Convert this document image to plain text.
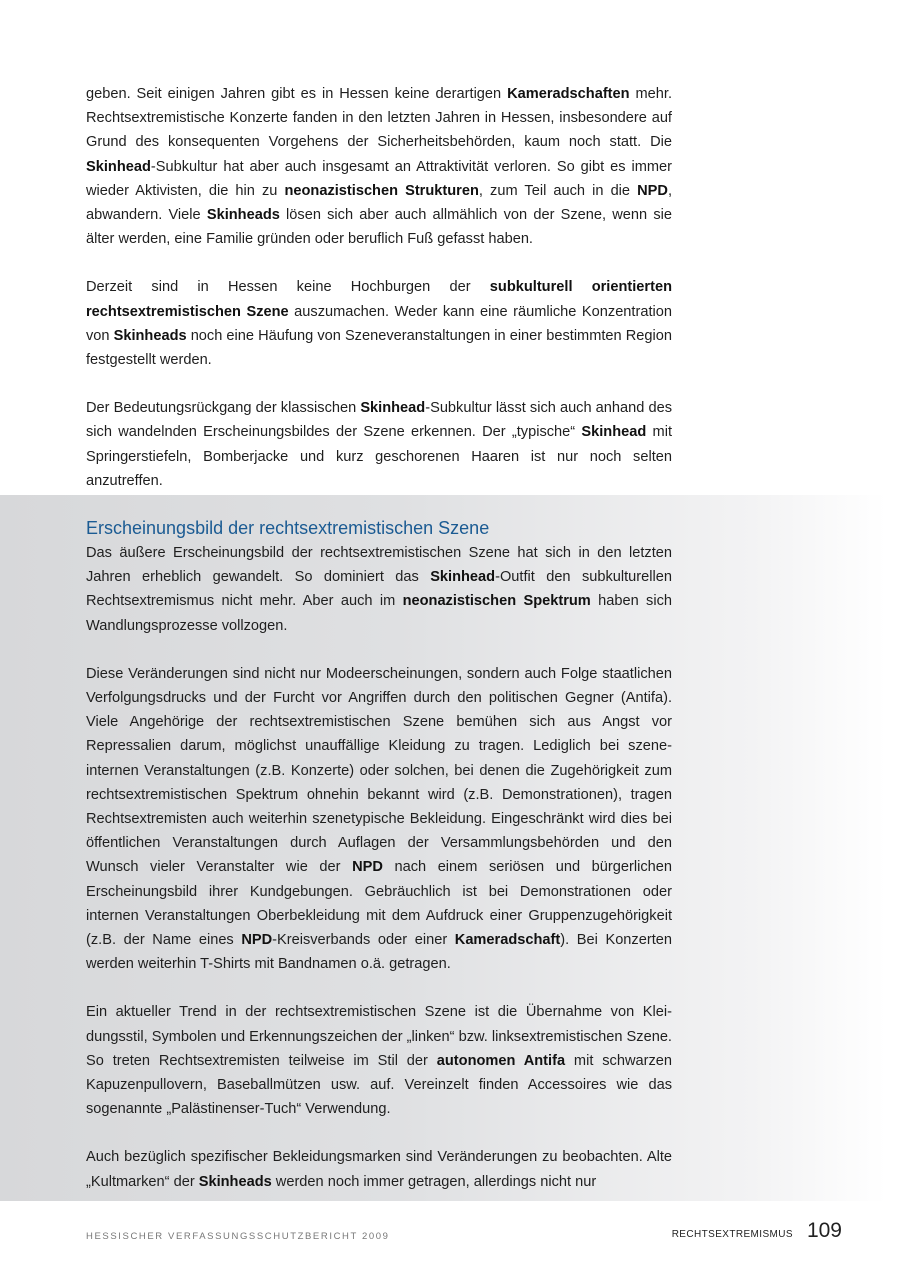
geben. Seit einigen Jahren gibt es in Hessen keine derartigen Kameradschaften mehr. Rechtsextremistische Konzerte fanden in den letzten Jahren in Hessen, insbesondere auf Grund des konsequenten Vorgehens der Sicherheitsbehörden, kaum noch statt. Die Skinhead-Subkultur hat aber auch insgesamt an Attraktivität verloren. So gibt es immer wieder Aktivisten, die hin zu neonazistischen Strukturen, zum Teil auch in die NPD, abwandern. Viele Skinheads lösen sich aber auch allmählich von der Szene, wenn sie älter werden, eine Familie gründen oder beruflich Fuß gefasst haben.

Derzeit sind in Hessen keine Hochburgen der subkulturell orientierten rechtsextremistischen Szene auszumachen. Weder kann eine räumliche Konzentration von Skinheads noch eine Häufung von Szeneveranstaltungen in einer bestimmten Region festgestellt werden.

Der Bedeutungsrückgang der klassischen Skinhead-Subkultur lässt sich auch anhand des sich wandelnden Erscheinungsbildes der Szene erkennen. Der „typische“ Skinhead mit Springerstiefeln, Bomberjacke und kurz geschorenen Haaren ist nur noch selten anzutreffen.

Erscheinungsbild der rechtsextremistischen Szene

Das äußere Erscheinungsbild der rechtsextremistischen Szene hat sich in den letzten Jahren erheblich gewandelt. So dominiert das Skinhead-Outfit den subkulturellen Rechtsextremismus nicht mehr. Aber auch im neonazistischen Spektrum haben sich Wandlungsprozesse vollzogen.

Diese Veränderungen sind nicht nur Modeerscheinungen, sondern auch Folge staatlichen Verfolgungsdrucks und der Furcht vor Angriffen durch den politischen Gegner (Antifa). Viele Angehörige der rechtsextremistischen Szene bemühen sich aus Angst vor Repressalien darum, möglichst unauffällige Kleidung zu tragen. Lediglich bei szeneinternen Veranstaltungen (z.B. Konzerte) oder solchen, bei denen die Zugehörigkeit zum rechtsextremistischen Spektrum ohnehin bekannt wird (z.B. Demonstrationen), tragen Rechtsextremisten auch weiterhin szenetypische Bekleidung. Eingeschränkt wird dies bei öffentlichen Veranstaltungen durch Auflagen der Versammlungsbehörden und den Wunsch vieler Veranstalter wie der NPD nach einem seriösen und bürgerlichen Erscheinungsbild ihrer Kundgebungen. Gebräuchlich ist bei Demonstrationen oder internen Veranstaltungen Oberbekleidung mit dem Aufdruck einer Gruppenzugehörigkeit (z.B. der Name eines NPD-Kreisverbands oder einer Kameradschaft). Bei Konzerten werden weiterhin T-Shirts mit Bandnamen o.ä. getragen.

Ein aktueller Trend in der rechtsextremistischen Szene ist die Übernahme von Kleidungsstil, Symbolen und Erkennungszeichen der „linken“ bzw. linksextremistischen Szene. So treten Rechtsextremisten teilweise im Stil der autonomen Antifa mit schwarzen Kapuzenpullovern, Baseballmützen usw. auf. Vereinzelt finden Accessoires wie das sogenannte „Palästinenser-Tuch“ Verwendung.

Auch bezüglich spezifischer Bekleidungsmarken sind Veränderungen zu beobachten. Alte „Kultmarken“ der Skinheads werden noch immer getragen, allerdings nicht nur

HESSISCHER VERFASSUNGSSCHUTZBERICHT 2009	RECHTSEXTREMISMUS 109
